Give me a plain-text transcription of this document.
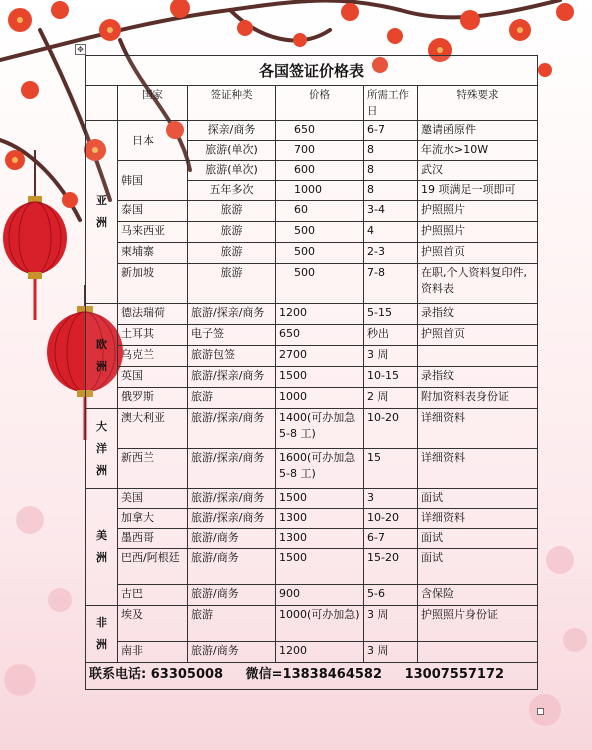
✥
各国签证价格表					
	国家	签证种类	价格	所需工作日	特殊要求

亚
洲	日本	探亲/商务	650	6-7	邀请函原件
		旅游(单次)	700	8	年流水>10W
	韩国	旅游(单次)	600	8	武汉
		五年多次	1000	8	19 项满足一项即可
	泰国	旅游	60	3-4	护照照片
	马来西亚	旅游	500	4	护照照片
	柬埔寨	旅游	500	2-3	护照首页
	新加坡	旅游	500	7-8	在职,个人资料复印件,资料表

欧
洲	德法瑞荷	旅游/探亲/商务	1200	5-15	录指纹
	土耳其	电子签	650	秒出	护照首页
	乌克兰	旅游包签	2700	3 周	
	英国	旅游/探亲/商务	1500	10-15	录指纹
	俄罗斯	旅游	1000	2 周	附加资料表身份证

大
洋
洲	澳大利亚	旅游/探亲/商务	1400(可办加急 5-8 工)	10-20	详细资料
	新西兰	旅游/探亲/商务	1600(可办加急 5-8 工)	15	详细资料

美
洲	美国	旅游/探亲/商务	1500	3	面试
	加拿大	旅游/探亲/商务	1300	10-20	详细资料
	墨西哥	旅游/商务	1300	6-7	面试
	巴西/阿根廷	旅游/商务	1500	15-20	面试
	古巴	旅游/商务	900	5-6	含保险

非
洲	埃及	旅游	1000(可办加急)	3 周	护照照片身份证
	南非	旅游/商务	1200	3 周	
联系电话: 63305008 微信=13838464582 13007557172					
